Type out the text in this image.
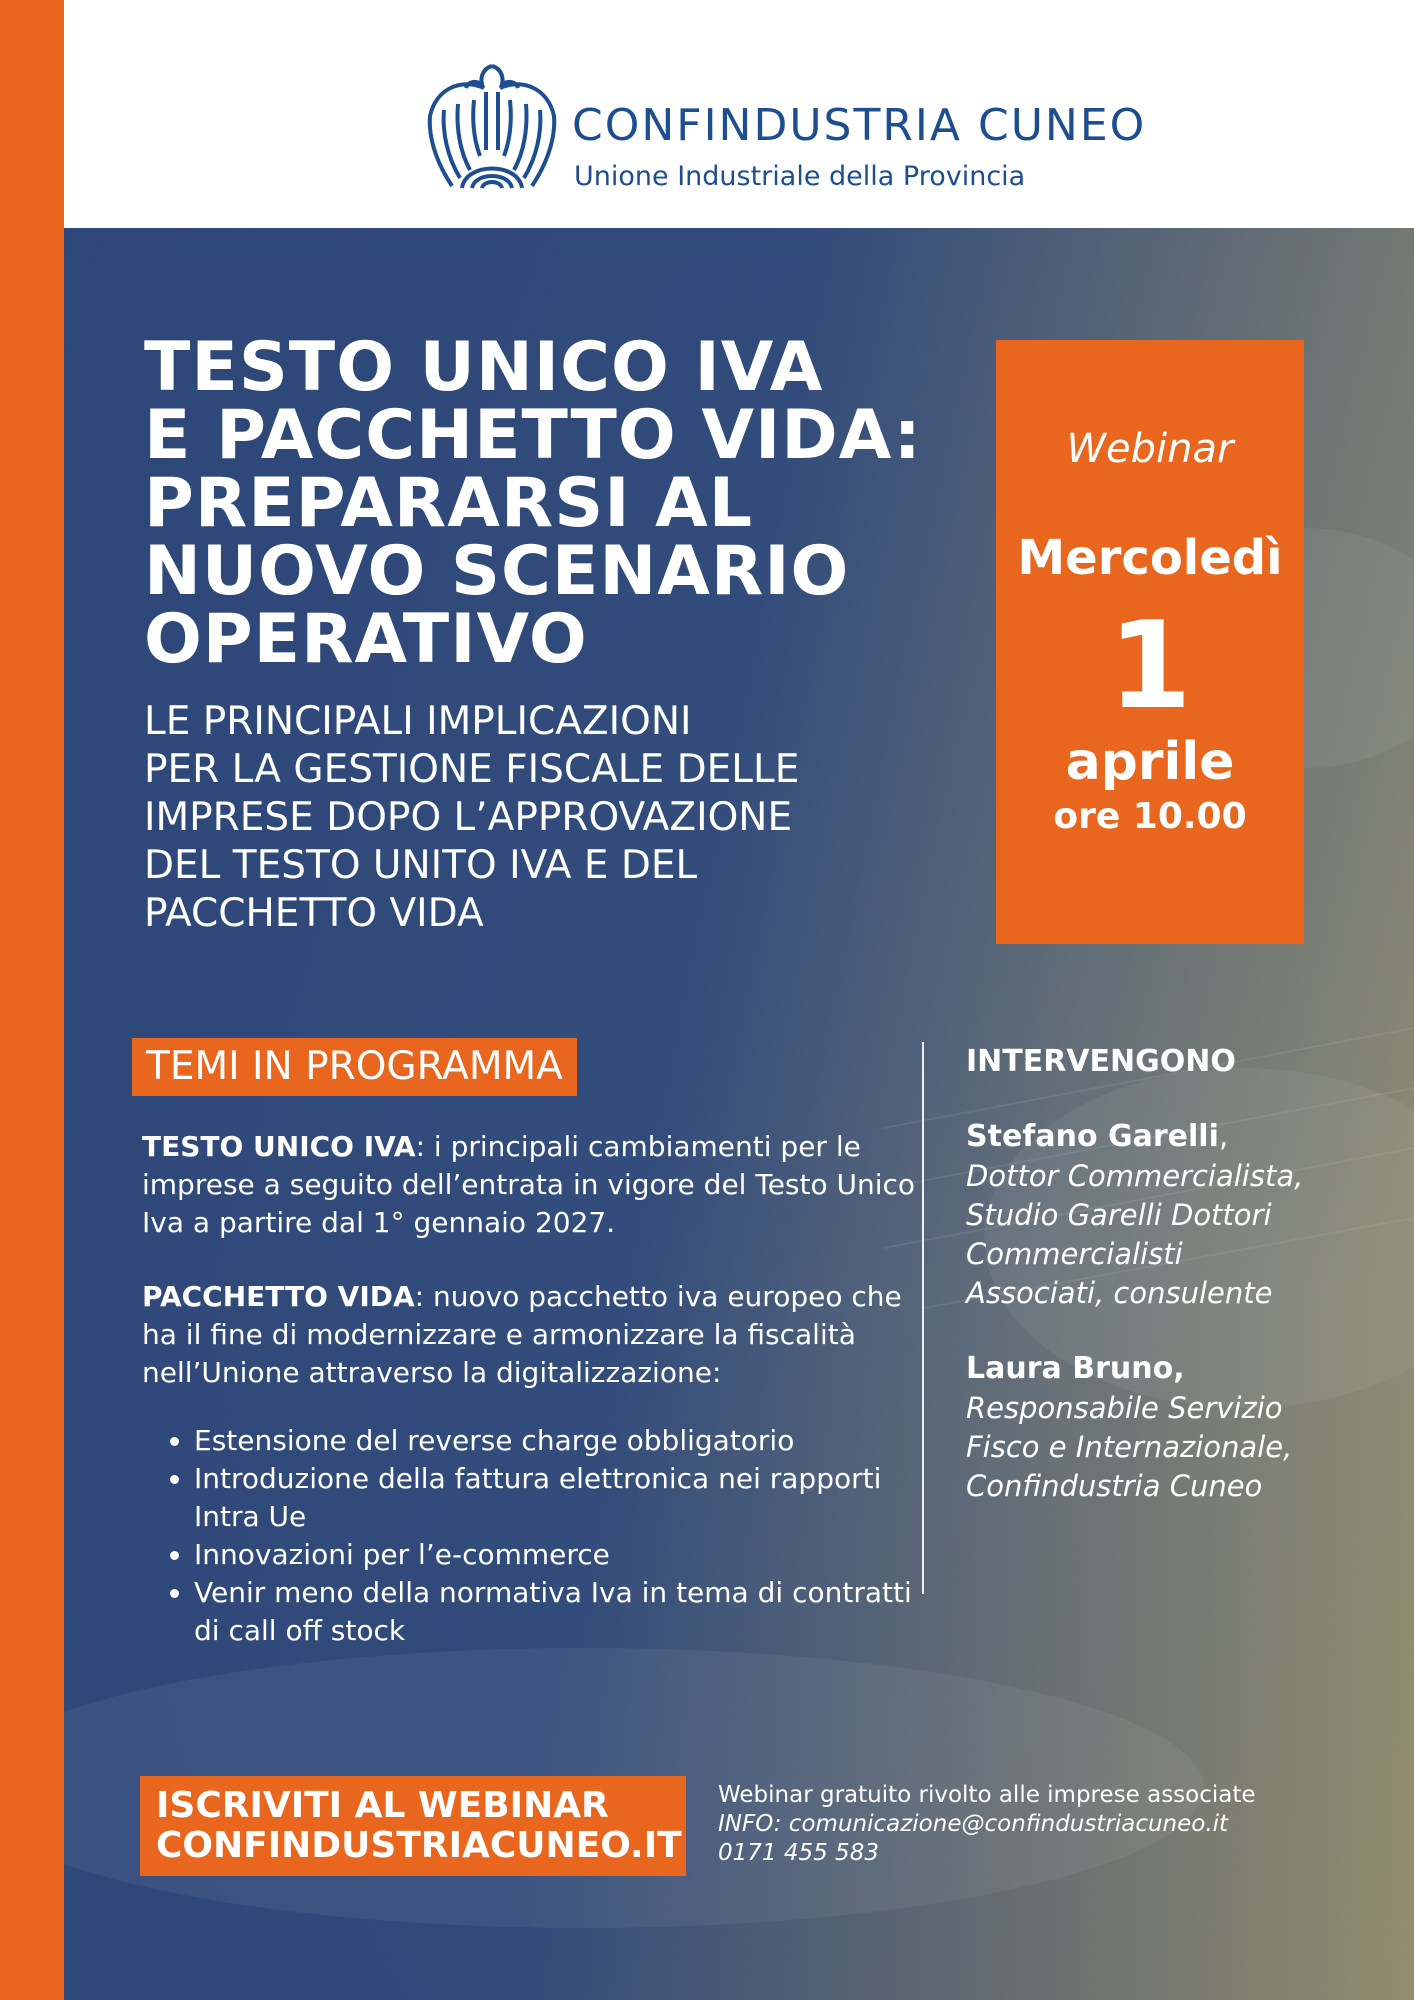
CONFINDUSTRIA CUNEO
Unione Industriale della Provincia
TESTO UNICO IVA
E PACCHETTO VIDA:
PREPARARSI AL
NUOVO SCENARIO
OPERATIVO
LE PRINCIPALI IMPLICAZIONI
PER LA GESTIONE FISCALE DELLE
IMPRESE DOPO L’APPROVAZIONE
DEL TESTO UNITO IVA E DEL
PACCHETTO VIDA
Webinar
Mercoledì
1
aprile
ore 10.00
TEMI IN PROGRAMMA

TESTO UNICO IVA: i principali cambiamenti per le imprese a seguito dell’entrata in vigore del Testo Unico Iva a partire dal 1° gennaio 2027.

PACCHETTO VIDA: nuovo pacchetto iva europeo che ha il fine di modernizzare e armonizzare la fiscalità nell’Unione attraverso la digitalizzazione:

• Estensione del reverse charge obbligatorio
• Introduzione della fattura elettronica nei rapporti Intra Ue
• Innovazioni per l’e-commerce
• Venir meno della normativa Iva in tema di contratti di call off stock
INTERVENGONO
Stefano Garelli,
Dottor Commercialista,
Studio Garelli Dottori
Commercialisti
Associati, consulente
Laura Bruno,
Responsabile Servizio
Fisco e Internazionale,
Confindustria Cuneo
ISCRIVITI AL WEBINAR
CONFINDUSTRIACUNEO.IT
Webinar gratuito rivolto alle imprese associate
INFO: comunicazione@confindustriacuneo.it
0171 455 583
